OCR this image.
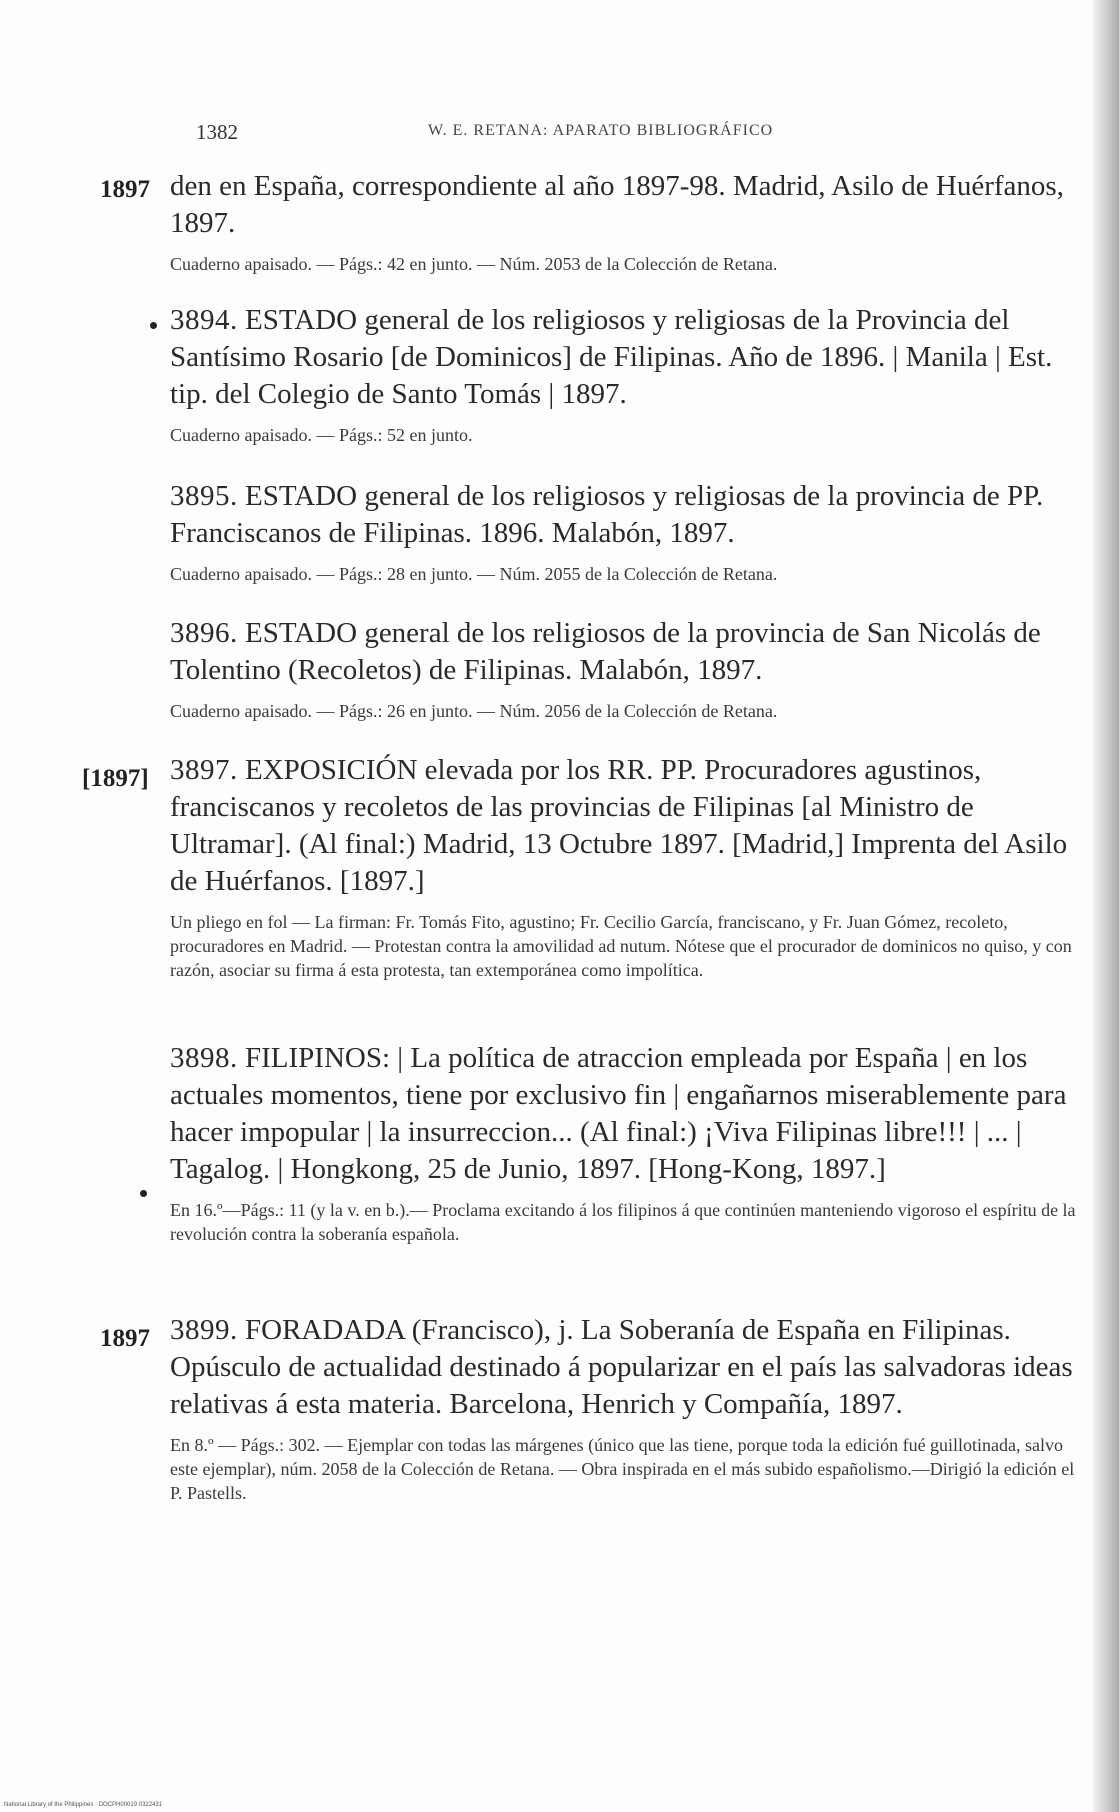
1382	W. E. RETANA: APARATO BIBLIOGRÁFICO
1897 den en España, correspondiente al año 1897-98. Madrid, Asilo de Huérfanos, 1897.
Cuaderno apaisado. — Págs.: 42 en junto. — Núm. 2053 de la Colección de Retana.
3894. ESTADO general de los religiosos y religiosas de la Provincia del Santísimo Rosario [de Dominicos] de Filipinas. Año de 1896. | Manila | Est. tip. del Colegio de Santo Tomás | 1897.
Cuaderno apaisado. — Págs.: 52 en junto.
3895. ESTADO general de los religiosos y religiosas de la provincia de PP. Franciscanos de Filipinas. 1896. Malabón, 1897.
Cuaderno apaisado. — Págs.: 28 en junto. — Núm. 2055 de la Colección de Retana.
3896. ESTADO general de los religiosos de la provincia de San Nicolás de Tolentino (Recoletos) de Filipinas. Malabón, 1897.
Cuaderno apaisado. — Págs.: 26 en junto. — Núm. 2056 de la Colección de Retana.
[1897] 3897. EXPOSICIÓN elevada por los RR. PP. Procuradores agustinos, franciscanos y recoletos de las provincias de Filipinas [al Ministro de Ultramar]. (Al final:) Madrid, 13 Octubre 1897. [Madrid,] Imprenta del Asilo de Huérfanos. [1897.]
Un pliego en fol — La firman: Fr. Tomás Fito, agustino; Fr. Cecilio García, franciscano, y Fr. Juan Gómez, recoleto, procuradores en Madrid. — Protestan contra la amovilidad ad nutum. Nótese que el procurador de dominicos no quiso, y con razón, asociar su firma á esta protesta, tan extemporánea como impolítica.
3898. FILIPINOS: | La política de atraccion empleada por España | en los actuales momentos, tiene por exclusivo fin | engañarnos miserablemente para hacer impopular | la insurreccion... (Al final:) ¡Viva Filipinas libre!!! | ... | Tagalog. | Hongkong, 25 de Junio, 1897. [Hong-Kong, 1897.]
En 16.º—Págs.: 11 (y la v. en b.).— Proclama excitando á los filipinos á que continúen manteniendo vigoroso el espíritu de la revolución contra la soberanía española.
1897 3899. FORADADA (Francisco), j. La Soberanía de España en Filipinas. Opúsculo de actualidad destinado á popularizar en el país las salvadoras ideas relativas á esta materia. Barcelona, Henrich y Compañía, 1897.
En 8.º — Págs.: 302. — Ejemplar con todas las márgenes (único que las tiene, porque toda la edición fué guillotinada, salvo este ejemplar), núm. 2058 de la Colección de Retana. — Obra inspirada en el más subido españolismo.—Dirigió la edición el P. Pastells.
National Library of the Philippines · DOCPH00019 0322431
